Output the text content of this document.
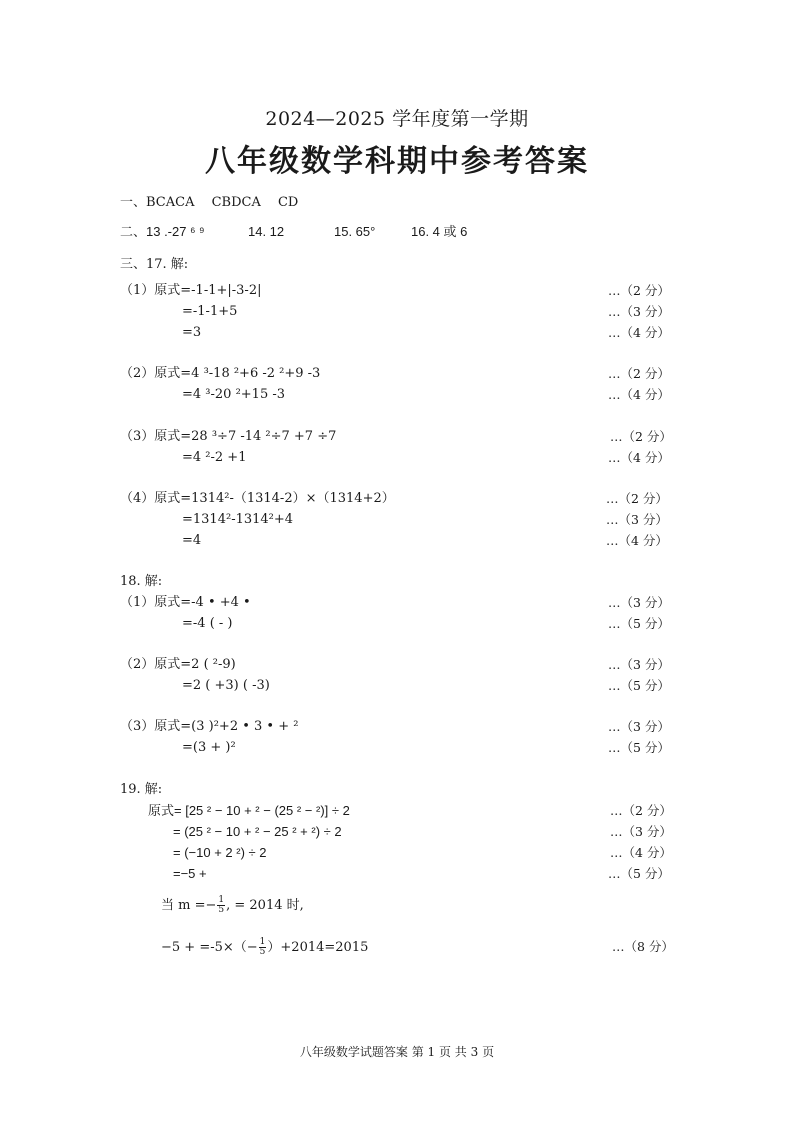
2024—2025 学年度第一学期
八年级数学科期中参考答案
一、BCACA　 CBDCA　 CD
二、 13 .-27 ⁶ ⁹	14. 12	15. 65°	16. 4 或 6
三、17. 解:
（1）原式=-1-1+|-3-2|	…（2 分）
=-1-1+5	…（3 分）
=3	…（4 分）
（2）原式=4 ³-18 ²+6 -2 ²+9 -3	…（2 分）
=4 ³-20 ²+15 -3	…（4 分）
（3）原式=28 ³÷7 -14 ²÷7 +7 ÷7	…（2 分）
=4 ²-2 +1	…（4 分）
（4）原式=1314²-（1314-2）×（1314+2）	…（2 分）
=1314²-1314²+4	…（3 分）
=4	…（4 分）
18. 解:
（1）原式=-4 • +4 •	…（3 分）
=-4 ( - )	…（5 分）
（2）原式=2 ( ²-9)	…（3 分）
=2 ( +3) ( -3)	…（5 分）
（3）原式=(3 )²+2 • 3 • + ²	…（3 分）
=(3 + )²	…（5 分）
19. 解:
原式= [25 ² − 10 + ² − (25 ² − ²)] ÷ 2	…（2 分）
= (25 ² − 10 + ² − 25 ² + ²) ÷ 2	…（3 分）
= (−10 + 2 ²) ÷ 2	…（4 分）
=−5 +	…（5 分）
当 $m =- \frac{1}{5}$ , = 2014 时,
$-5 + =-5\times(- \frac{1}{5} )+2014=2015$	…（8 分）
八年级数学试题答案 第 1 页 共 3 页
